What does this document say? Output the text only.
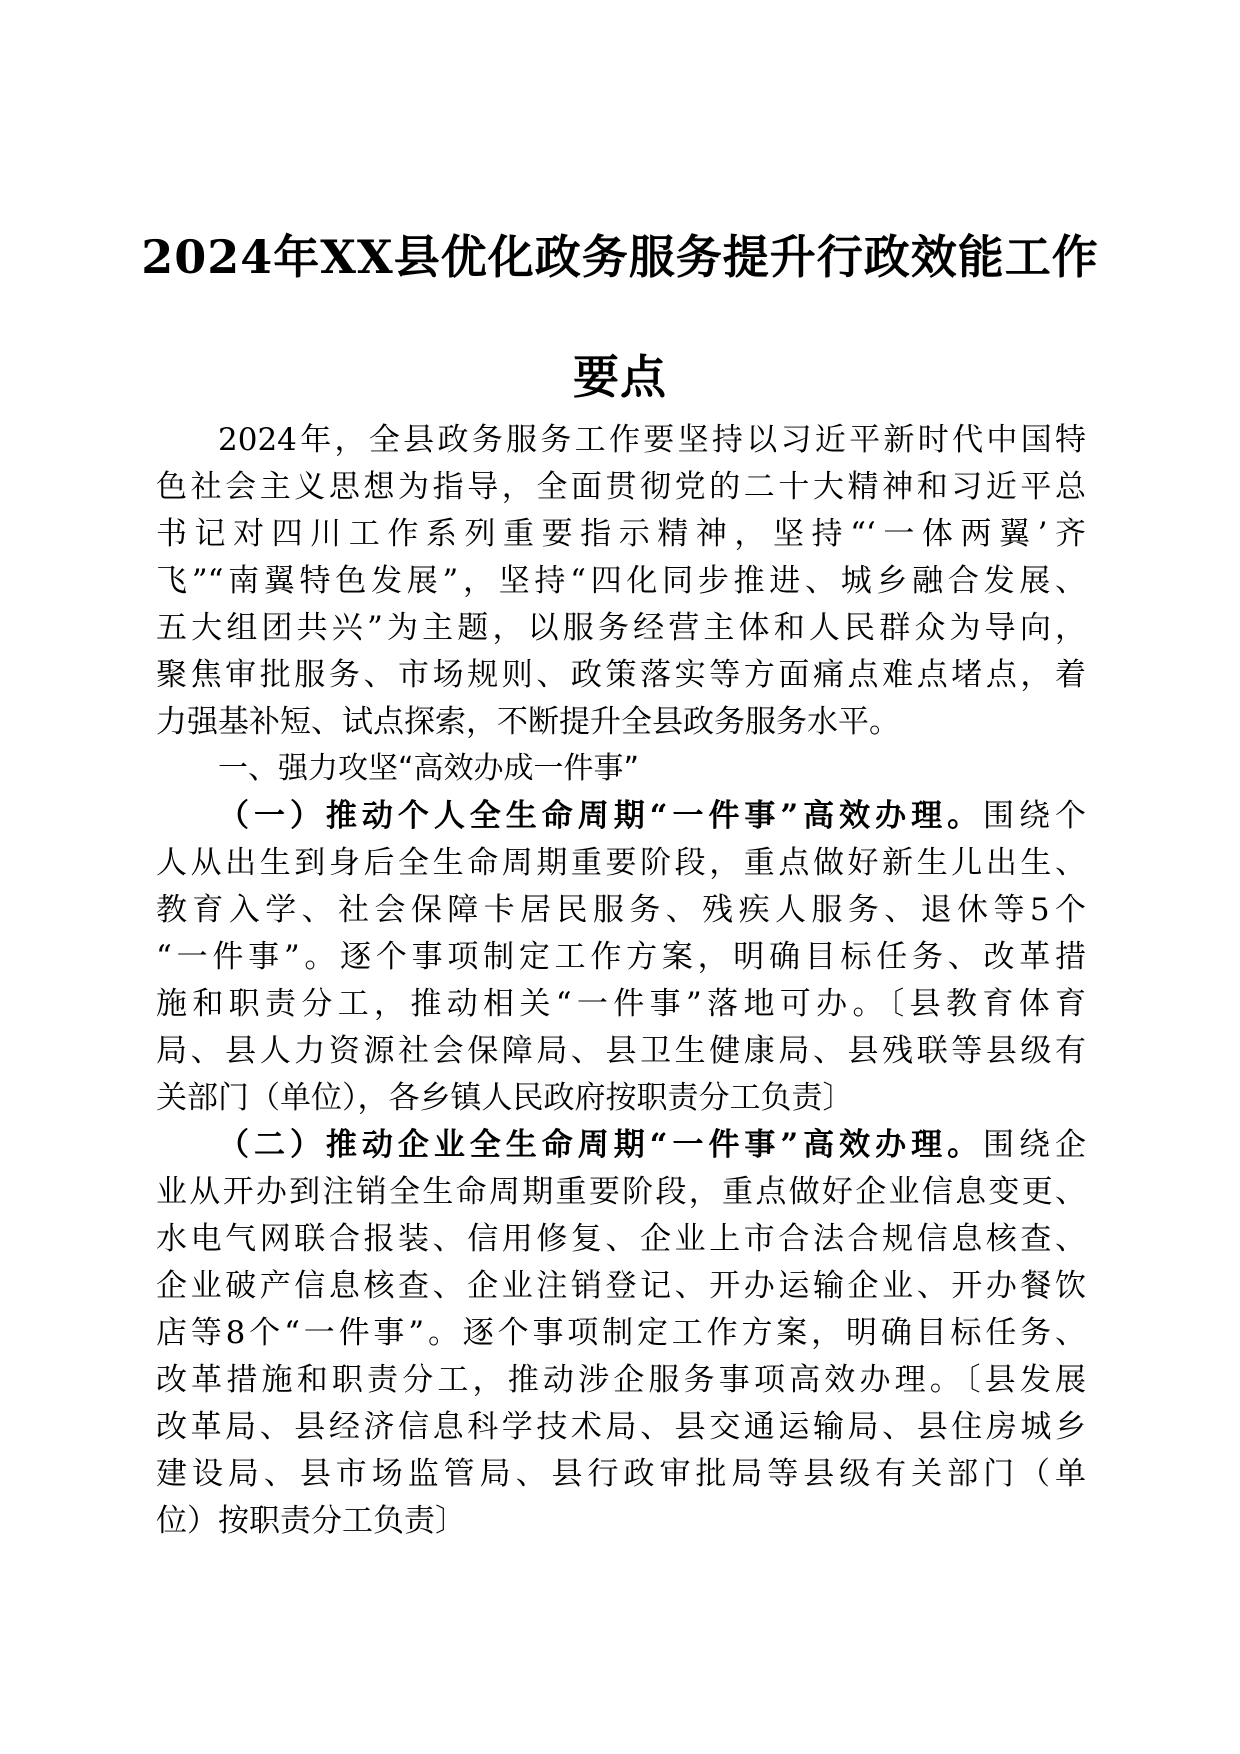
2024年XX县优化政务服务提升行政效能工作
要点
2024年，全县政务服务工作要坚持以习近平新时代中国特
色社会主义思想为指导，全面贯彻党的二十大精神和习近平总
书记对四川工作系列重要指示精神，坚持“‘一体两翼’齐
飞”“南翼特色发展”，坚持“四化同步推进、城乡融合发展、
五大组团共兴”为主题，以服务经营主体和人民群众为导向，
聚焦审批服务、市场规则、政策落实等方面痛点难点堵点，着
力强基补短、试点探索，不断提升全县政务服务水平。
一、强力攻坚“高效办成一件事”
（一）推动个人全生命周期“一件事”高效办理。围绕个
人从出生到身后全生命周期重要阶段，重点做好新生儿出生、
教育入学、社会保障卡居民服务、残疾人服务、退休等5个
“一件事”。逐个事项制定工作方案，明确目标任务、改革措
施和职责分工，推动相关“一件事”落地可办。〔县教育体育
局、县人力资源社会保障局、县卫生健康局、县残联等县级有
关部门（单位），各乡镇人民政府按职责分工负责〕
（二）推动企业全生命周期“一件事”高效办理。围绕企
业从开办到注销全生命周期重要阶段，重点做好企业信息变更、
水电气网联合报装、信用修复、企业上市合法合规信息核查、
企业破产信息核查、企业注销登记、开办运输企业、开办餐饮
店等8个“一件事”。逐个事项制定工作方案，明确目标任务、
改革措施和职责分工，推动涉企服务事项高效办理。〔县发展
改革局、县经济信息科学技术局、县交通运输局、县住房城乡
建设局、县市场监管局、县行政审批局等县级有关部门（单
位）按职责分工负责〕
